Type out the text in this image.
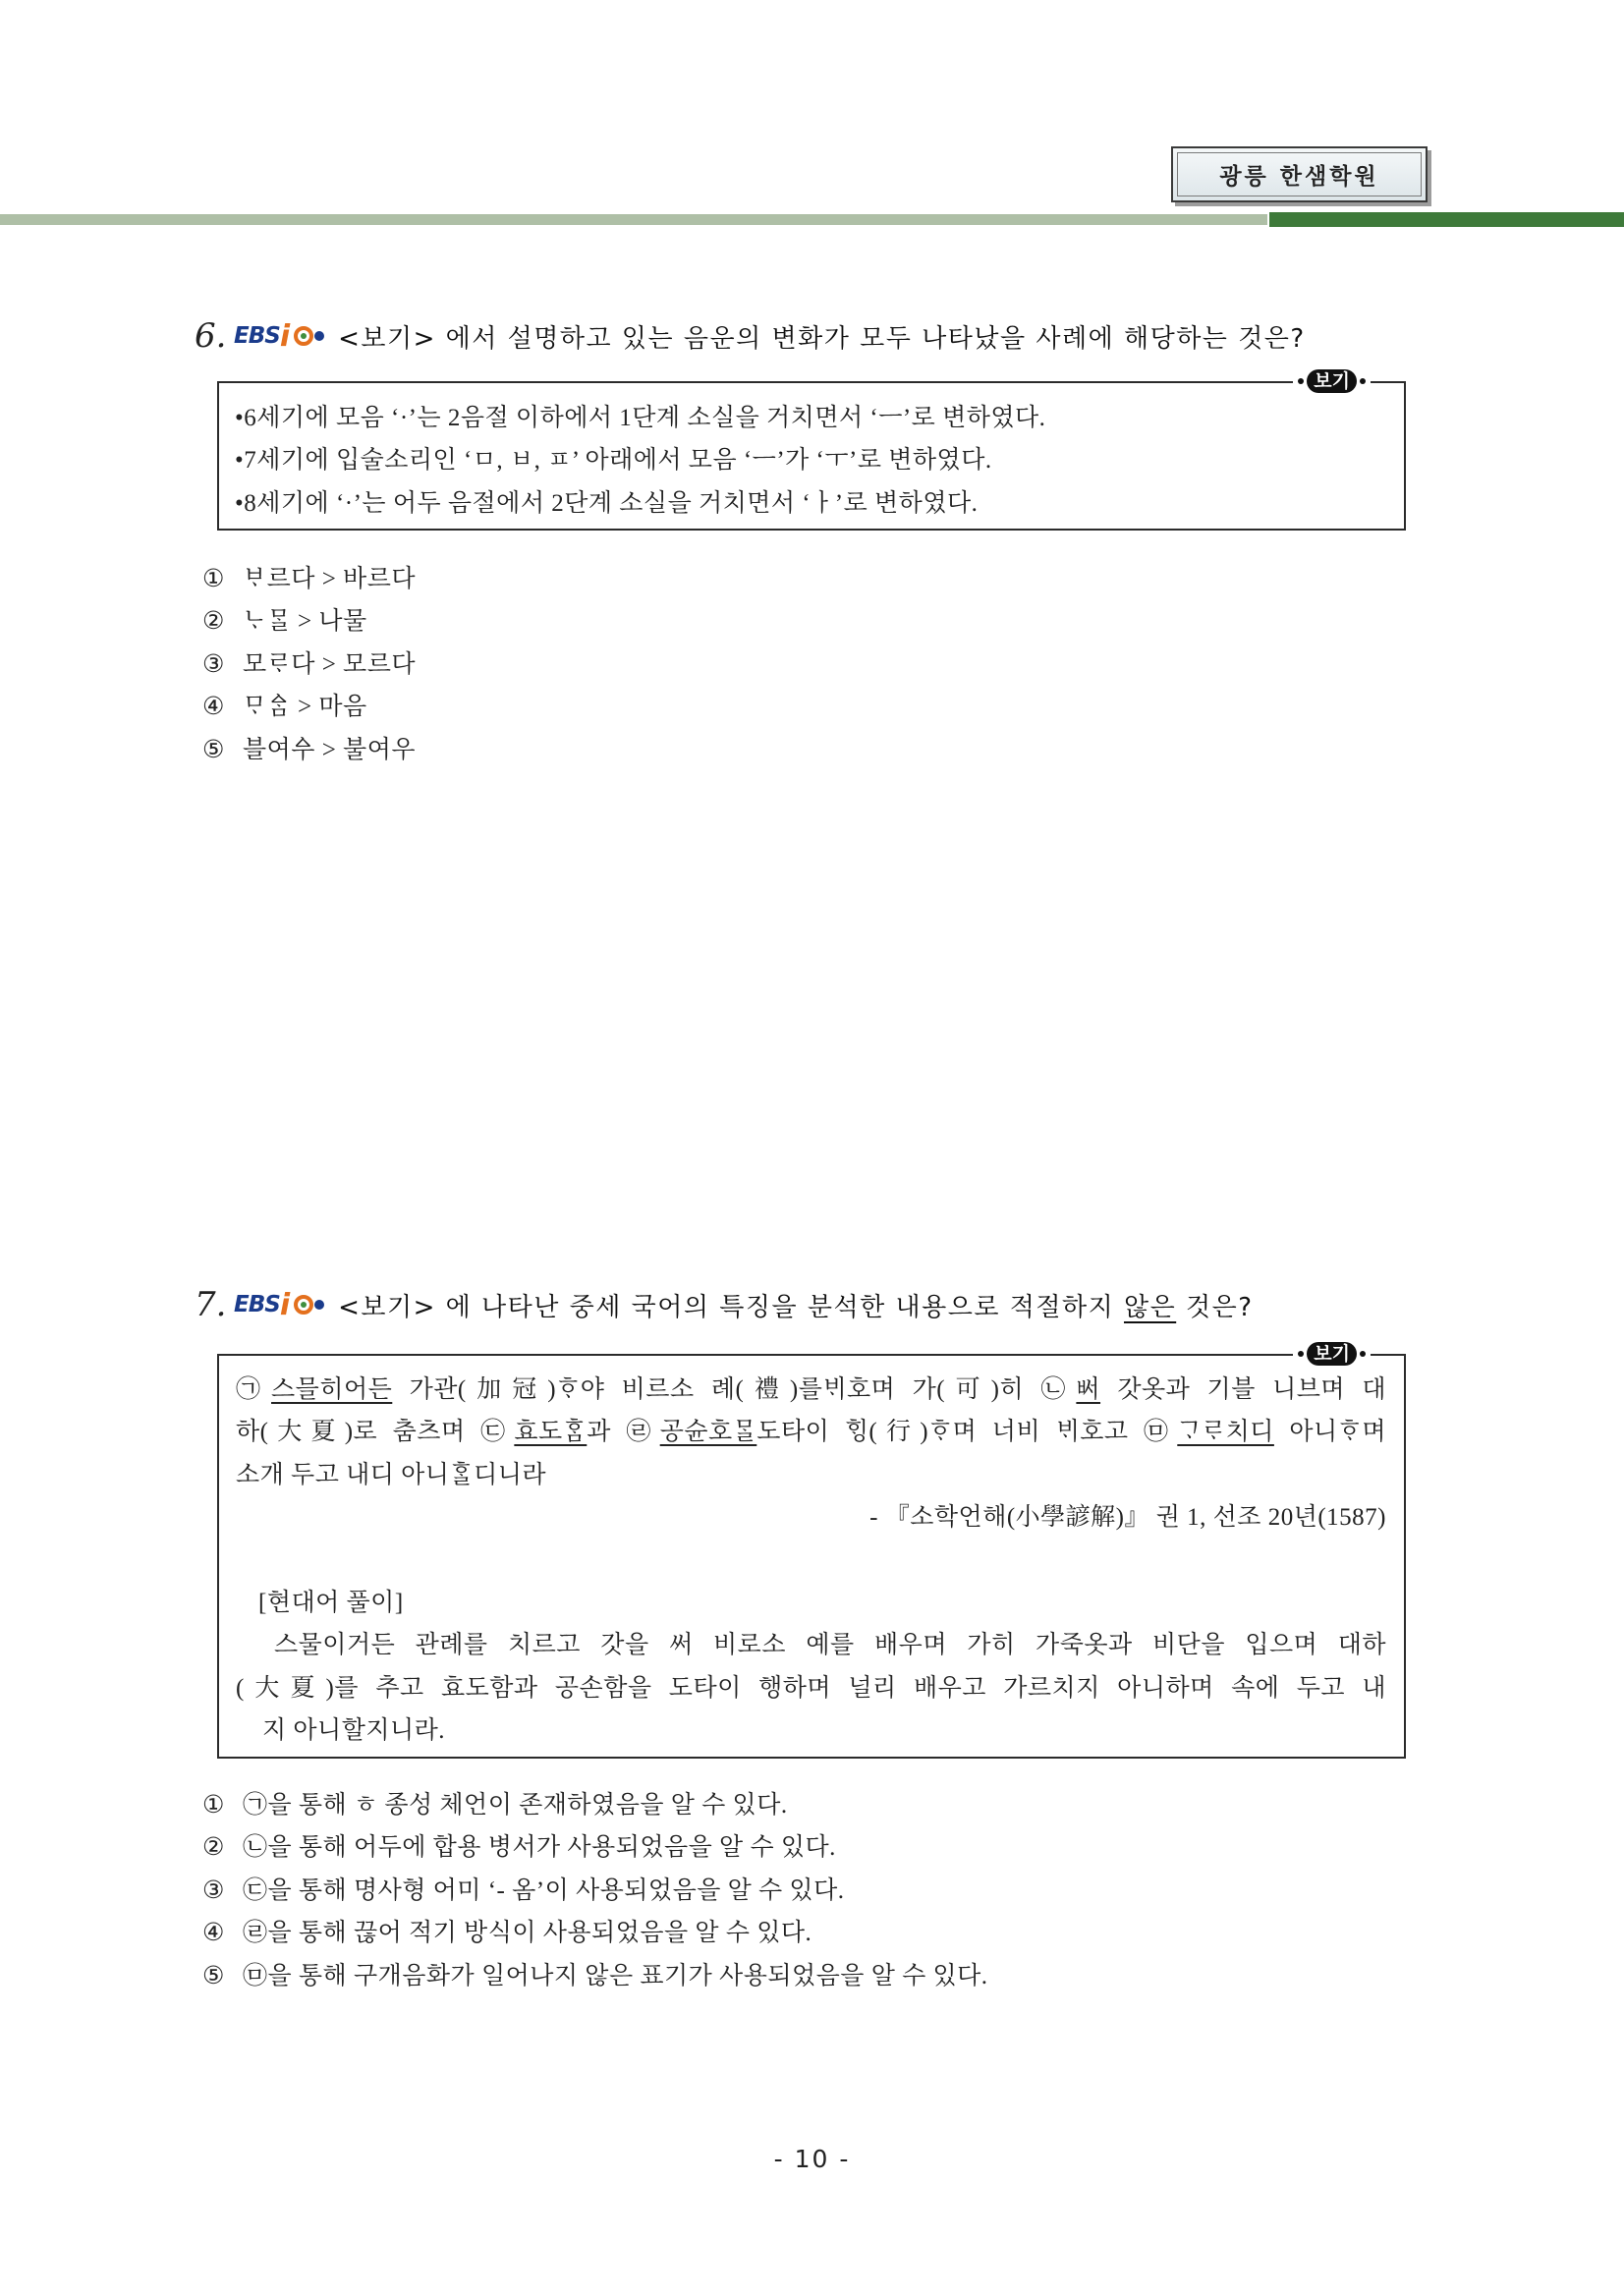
광릉 한샘학원
6. EBS i <보기> 에서 설명하고 있는 음운의 변화가 모두 나타났을 사례에 해당하는 것은?
보기
•6세기에 모음 ‘·’는 2음절 이하에서 1단계 소실을 거치면서 ‘ㅡ’로 변하였다.
•7세기에 입술소리인 ‘ㅁ, ㅂ, ㅍ’ 아래에서 모음 ‘ㅡ’가 ‘ㅜ’로 변하였다.
•8세기에 ‘·’는 어두 음절에서 2단계 소실을 거치면서 ‘ㅏ’로 변하였다.
① ᄇᆞ르다 > 바르다
② ᄂᆞᄆᆞᆯ > 나물
③ 모ᄅᆞ다 > 모르다
④ ᄆᆞᅀᆞᆷ > 마음
⑤ 블여ᅀᅮ > 불여우
7. EBS i <보기> 에 나타난 중세 국어의 특징을 분석한 내용으로 적절하지 않은 것은?
보기
㉠스믈히어든 가관(加冠)ᄒᆞ야 비르소 례(禮)를ᄇᆡ호며 가(可)히 ㉡ᄡᅥ 갓옷과 기블 니브며 대
하(大夏)로 춤츠며 ㉢효도ᄒᆞᆷ과 ㉣공슌호ᄆᆞᆯ도타이 ᄒᆡᆼ(行)ᄒᆞ며 너비 ᄇᆡ호고 ㉤ᄀᆞᄅᆞ치디 아니ᄒᆞ며
소개 두고 내디 아니ᄒᆞᆯ디니라
- 『소학언해(小學諺解)』 권 1, 선조 20년(1587)
[현대어 풀이]
스물이거든 관례를 치르고 갓을 써 비로소 예를 배우며 가히 가죽옷과 비단을 입으며 대하
(大夏)를 추고 효도함과 공손함을 도타이 행하며 널리 배우고 가르치지 아니하며 속에 두고 내
지 아니할지니라.
① ㉠을 통해 ㅎ 종성 체언이 존재하였음을 알 수 있다.
② ㉡을 통해 어두에 합용 병서가 사용되었음을 알 수 있다.
③ ㉢을 통해 명사형 어미 ‘- 옴’이 사용되었음을 알 수 있다.
④ ㉣을 통해 끊어 적기 방식이 사용되었음을 알 수 있다.
⑤ ㉤을 통해 구개음화가 일어나지 않은 표기가 사용되었음을 알 수 있다.
- 10 -
